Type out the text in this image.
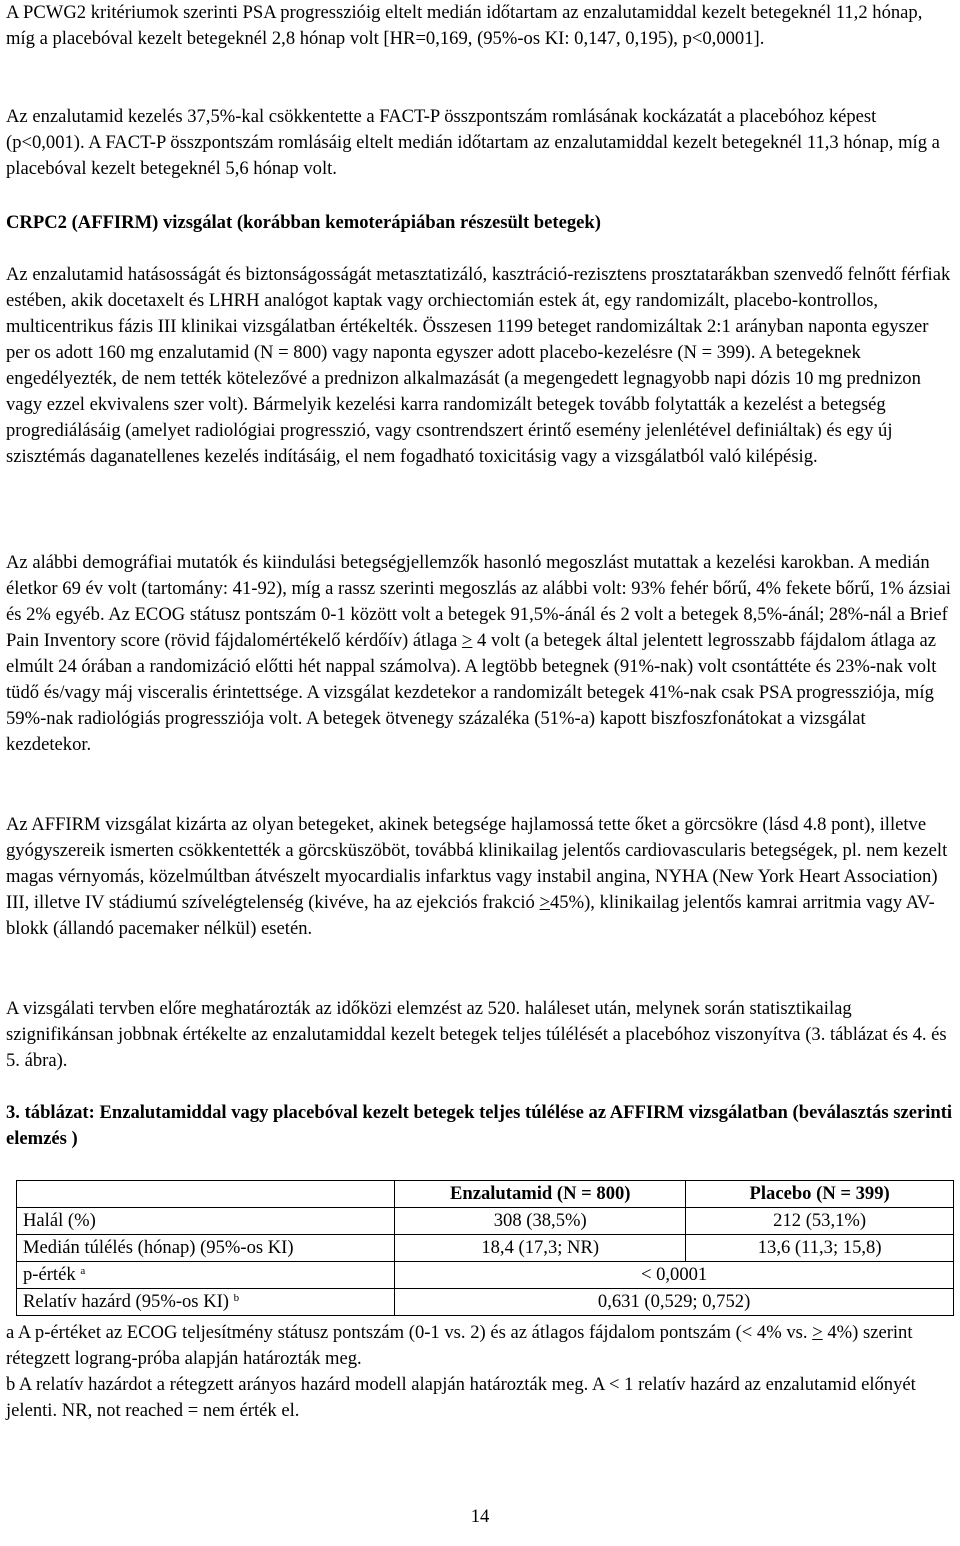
A PCWG2 kritériumok szerinti PSA progresszióig eltelt medián időtartam az enzalutamiddal kezelt betegeknél 11,2 hónap, míg a placebóval kezelt betegeknél 2,8 hónap volt [HR=0,169, (95%-os KI: 0,147, 0,195), p<0,0001].

Az enzalutamid kezelés 37,5%-kal csökkentette a FACT-P összpontszám romlásának kockázatát a placebóhoz képest (p<0,001). A FACT-P összpontszám romlásáig eltelt medián időtartam az enzalutamiddal kezelt betegeknél 11,3 hónap, míg a placebóval kezelt betegeknél 5,6 hónap volt.

CRPC2 (AFFIRM) vizsgálat (korábban kemoterápiában részesült betegek)

Az enzalutamid hatásosságát és biztonságosságát metasztatizáló, kasztráció-rezisztens prosztatarákban szenvedő felnőtt férfiak estében, akik docetaxelt és LHRH analógot kaptak vagy orchiectomián estek át, egy randomizált, placebo-kontrollos, multicentrikus fázis III klinikai vizsgálatban értékelték. Összesen 1199 beteget randomizáltak 2:1 arányban naponta egyszer per os adott 160 mg enzalutamid (N = 800) vagy naponta egyszer adott placebo-kezelésre (N = 399). A betegeknek engedélyezték, de nem tették kötelezővé a prednizon alkalmazását (a megengedett legnagyobb napi dózis 10 mg prednizon vagy ezzel ekvivalens szer volt). Bármelyik kezelési karra randomizált betegek tovább folytatták a kezelést a betegség progrediálásáig (amelyet radiológiai progresszió, vagy csontrendszert érintő esemény jelenlétével definiáltak) és egy új szisztémás daganatellenes kezelés indításáig, el nem fogadható toxicitásig vagy a vizsgálatból való kilépésig.

Az alábbi demográfiai mutatók és kiindulási betegségjellemzők hasonló megoszlást mutattak a kezelési karokban. A medián életkor 69 év volt (tartomány: 41-92), míg a rassz szerinti megoszlás az alábbi volt: 93% fehér bőrű, 4% fekete bőrű, 1% ázsiai és 2% egyéb. Az ECOG státusz pontszám 0-1 között volt a betegek 91,5%-ánál és 2 volt a betegek 8,5%-ánál; 28%-nál a Brief Pain Inventory score (rövid fájdalomértékelő kérdőív) átlaga ≥ 4 volt (a betegek által jelentett legrosszabb fájdalom átlaga az elmúlt 24 órában a randomizáció előtti hét nappal számolva). A legtöbb betegnek (91%-nak) volt csontáttéte és 23%-nak volt tüdő és/vagy máj visceralis érintettsége. A vizsgálat kezdetekor a randomizált betegek 41%-nak csak PSA progressziója, míg 59%-nak radiológiás progressziója volt. A betegek ötvenegy százaléka (51%-a) kapott biszfoszfonátokat a vizsgálat kezdetekor.

Az AFFIRM vizsgálat kizárta az olyan betegeket, akinek betegsége hajlamossá tette őket a görcsökre (lásd 4.8 pont), illetve gyógyszereik ismerten csökkentették a görcsküszöböt, továbbá klinikailag jelentős cardiovascularis betegségek, pl. nem kezelt magas vérnyomás, közelmúltban átvészelt myocardialis infarktus vagy instabil angina, NYHA (New York Heart Association) III, illetve IV stádiumú szívelégtelenség (kivéve, ha az ejekciós frakció ≥45%), klinikailag jelentős kamrai arritmia vagy AV-blokk (állandó pacemaker nélkül) esetén.

A vizsgálati tervben előre meghatározták az időközi elemzést az 520. haláleset után, melynek során statisztikailag szignifikánsan jobbnak értékelte az enzalutamiddal kezelt betegek teljes túlélését a placebóhoz viszonyítva (3. táblázat és 4. és 5. ábra).

3. táblázat: Enzalutamiddal vagy placebóval kezelt betegek teljes túlélése az AFFIRM vizsgálatban (beválasztás szerinti elemzés )

	Enzalutamid (N = 800)	Placebo (N = 399)
Halál (%)	308 (38,5%)	212 (53,1%)
Medián túlélés (hónap) (95%-os KI)	18,4 (17,3; NR)	13,6 (11,3; 15,8)
p-érték $^a$	< 0,0001	
Relatív hazárd (95%-os KI) $^b$	0,631 (0,529; 0,752)	

a A p-értéket az ECOG teljesítmény státusz pontszám (0-1 vs. 2) és az átlagos fájdalom pontszám (< 4% vs. > 4%) szerint rétegzett lograng-próba alapján határozták meg.

b A relatív hazárdot a rétegzett arányos hazárd modell alapján határozták meg. A < 1 relatív hazárd az enzalutamid előnyét jelenti. NR, not reached = nem érték el.

14
